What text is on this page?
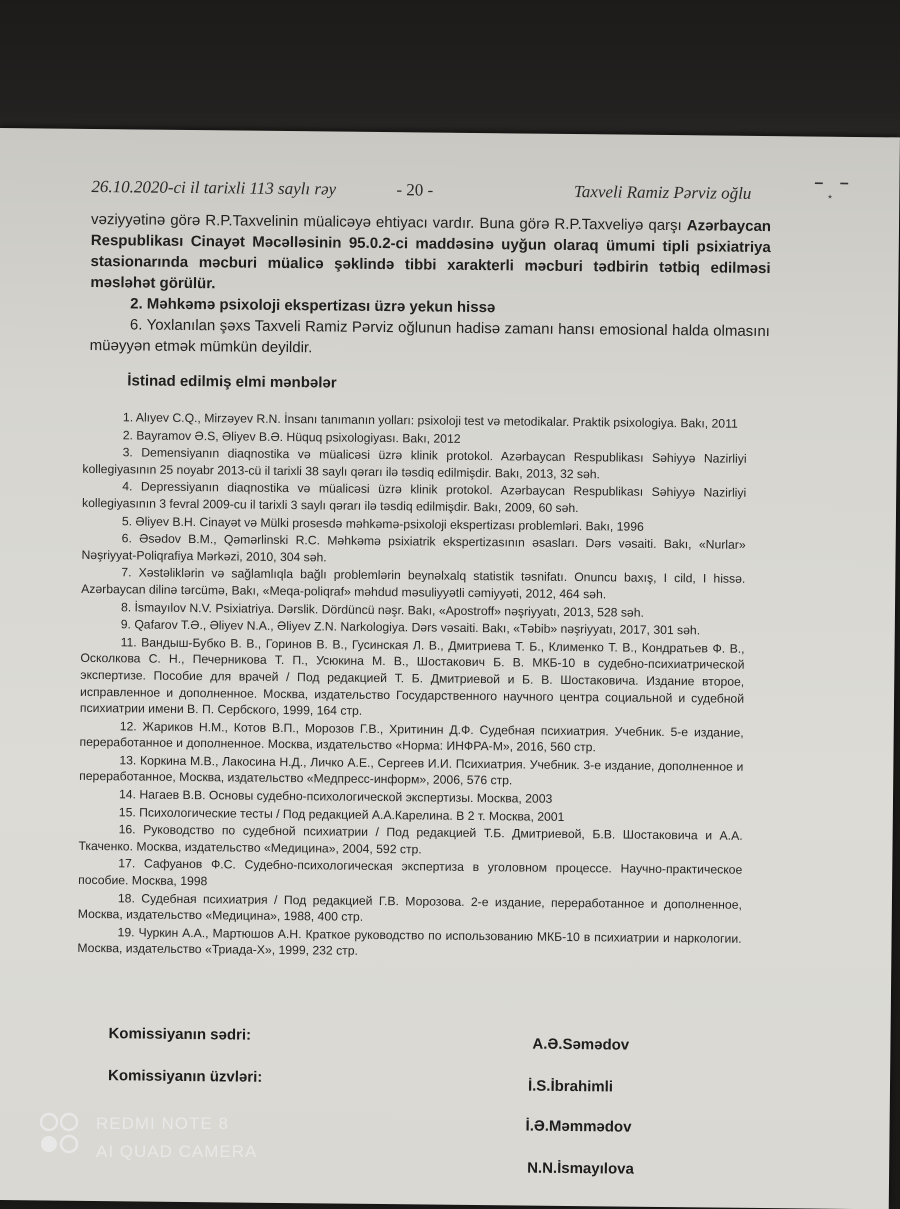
– –
٭
26.10.2020-ci il tarixli 113 saylı rəy	- 20 -	Taxveli Ramiz Pərviz oğlu

vəziyyətinə görə R.P.Taxvelinin müalicəyə ehtiyacı vardır. Buna görə R.P.Taxveliyə qarşı Azərbaycan Respublikası Cinayət Məcəlləsinin 95.0.2-ci maddəsinə uyğun olaraq ümumi tipli psixiatriya stasionarında məcburi müalicə şəklində tibbi xarakterli məcburi tədbirin tətbiq edilməsi məsləhət görülür.

2. Məhkəmə psixoloji ekspertizası üzrə yekun hissə

6. Yoxlanılan şəxs Taxveli Ramiz Pərviz oğlunun hadisə zamanı hansı emosional halda olmasını müəyyən etmək mümkün deyildir.

İstinad edilmiş elmi mənbələr

1. Alıyev C.Q., Mirzəyev R.N. İnsanı tanımanın yolları: psixoloji test və metodikalar. Praktik psixologiya. Bakı, 2011

2. Bayramov Ə.S, Əliyev B.Ə. Hüquq psixologiyası. Bakı, 2012

3. Demensiyanın diaqnostika və müalicəsi üzrə klinik protokol. Azərbaycan Respublikası Səhiyyə Nazirliyi kollegiyasının 25 noyabr 2013-cü il tarixli 38 saylı qərarı ilə təsdiq edilmişdir. Bakı, 2013, 32 səh.

4. Depressiyanın diaqnostika və müalicəsi üzrə klinik protokol. Azərbaycan Respublikası Səhiyyə Nazirliyi kollegiyasının 3 fevral 2009-cu il tarixli 3 saylı qərarı ilə təsdiq edilmişdir. Bakı, 2009, 60 səh.

5. Əliyev B.H. Cinayət və Mülki prosesdə məhkəmə-psixoloji ekspertizası problemləri. Bakı, 1996

6. Əsədov B.M., Qəmərlinski R.C. Məhkəmə psixiatrik ekspertizasının əsasları. Dərs vəsaiti. Bakı, «Nurlar» Nəşriyyat-Poliqrafiya Mərkəzi, 2010, 304 səh.

7. Xəstəliklərin və sağlamlıqla bağlı problemlərin beynəlxalq statistik təsnifatı. Onuncu baxış, I cild, I hissə. Azərbaycan dilinə tərcümə, Bakı, «Meqa-poliqraf» məhdud məsuliyyətli cəmiyyəti, 2012, 464 səh.

8. İsmayılov N.V. Psixiatriya. Dərslik. Dördüncü nəşr. Bakı, «Apostroff» nəşriyyatı, 2013, 528 səh.

9. Qafarov T.Ə., Əliyev N.A., Əliyev Z.N. Narkologiya. Dərs vəsaiti. Bakı, «Təbib» nəşriyyatı, 2017, 301 səh.

11. Вандыш-Бубко В. В., Горинов В. В., Гусинская Л. В., Дмитриева Т. Б., Клименко Т. В., Кондратьев Ф. В., Осколкова С. Н., Печерникова Т. П., Усюкина М. В., Шостакович Б. В. МКБ-10 в судебно-психиатрической экспертизе. Пособие для врачей / Под редакцией Т. Б. Дмитриевой и Б. В. Шостаковича. Издание второе, исправленное и дополненное. Москва, издательство Государственного научного центра социальной и судебной психиатрии имени В. П. Сербского, 1999, 164 стр.

12. Жариков Н.М., Котов В.П., Морозов Г.В., Хритинин Д.Ф. Судебная психиатрия. Учебник. 5-е издание, переработанное и дополненное. Москва, издательство «Норма: ИНФРА-М», 2016, 560 стр.

13. Коркина М.В., Лакосина Н.Д., Личко А.Е., Сергеев И.И. Психиатрия. Учебник. 3-е издание, дополненное и переработанное, Москва, издательство «Медпресс-информ», 2006, 576 стр.

14. Нагаев В.В. Основы судебно-психологической экспертизы. Москва, 2003

15. Психологические тесты / Под редакцией А.А.Карелина. В 2 т. Москва, 2001

16. Руководство по судебной психиатрии / Под редакцией Т.Б. Дмитриевой, Б.В. Шостаковича и А.А. Ткаченко. Москва, издательство «Медицина», 2004, 592 стр.

17. Сафуанов Ф.С. Судебно-психологическая экспертиза в уголовном процессе. Научно-практическое пособие. Москва, 1998

18. Судебная психиатрия / Под редакцией Г.В. Морозова. 2-е издание, переработанное и дополненное, Москва, издательство «Медицина», 1988, 400 стр.

19. Чуркин А.А., Мартюшов А.Н. Краткое руководство по использованию МКБ-10 в психиатрии и наркологии. Москва, издательство «Триада-Х», 1999, 232 стр.

Komissiyanın sədri:
A.Ə.Səmədov
Komissiyanın üzvləri:
İ.S.İbrahimli
İ.Ə.Məmmədov
N.N.İsmayılova
REDMI NOTE 8
AI QUAD CAMERA
